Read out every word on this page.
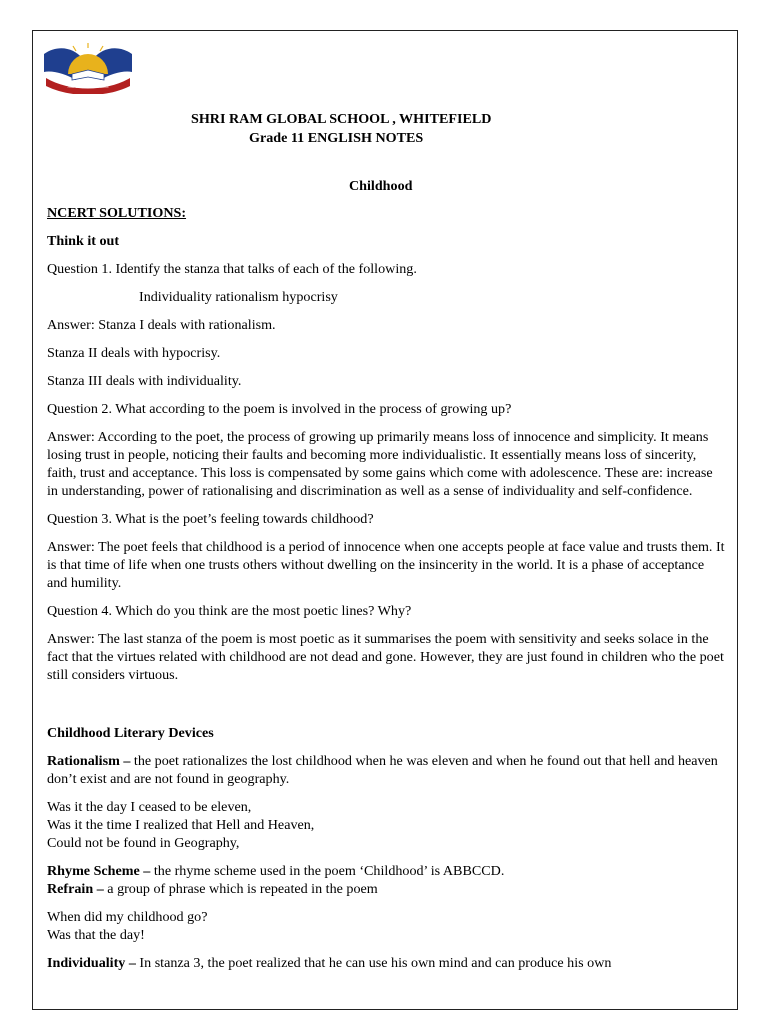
Shri Ram Global School
SHRI RAM GLOBAL SCHOOL , WHITEFIELD
Grade 11 ENGLISH NOTES
Childhood

NCERT SOLUTIONS:

Think it out

Question 1. Identify the stanza that talks of each of the following.

Individuality rationalism hypocrisy

Answer: Stanza I deals with rationalism.

Stanza II deals with hypocrisy.

Stanza III deals with individuality.

Question 2. What according to the poem is involved in the process of growing up?

Answer: According to the poet, the process of growing up primarily means loss of innocence and simplicity. It means losing trust in people, noticing their faults and becoming more individualistic. It essentially means loss of sincerity, faith, trust and acceptance. This loss is compensated by some gains which come with adolescence. These are: increase in understanding, power of rationalising and discrimination as well as a sense of individuality and self-confidence.

Question 3. What is the poet’s feeling towards childhood?

Answer: The poet feels that childhood is a period of innocence when one accepts people at face value and trusts them. It is that time of life when one trusts others without dwelling on the insincerity in the world. It is a phase of acceptance and humility.

Question 4. Which do you think are the most poetic lines? Why?

Answer: The last stanza of the poem is most poetic as it summarises the poem with sensitivity and seeks solace in the fact that the virtues related with childhood are not dead and gone. However, they are just found in children who the poet still considers virtuous.

Childhood Literary Devices

Rationalism – the poet rationalizes the lost childhood when he was eleven and when he found out that hell and heaven don’t exist and are not found in geography.

Was it the day I ceased to be eleven,
Was it the time I realized that Hell and Heaven,
Could not be found in Geography,
Rhyme Scheme – the rhyme scheme used in the poem ‘Childhood’ is ABBCCD.
Refrain – a group of phrase which is repeated in the poem
When did my childhood go?
Was that the day!

Individuality – In stanza 3, the poet realized that he can use his own mind and can produce his own
